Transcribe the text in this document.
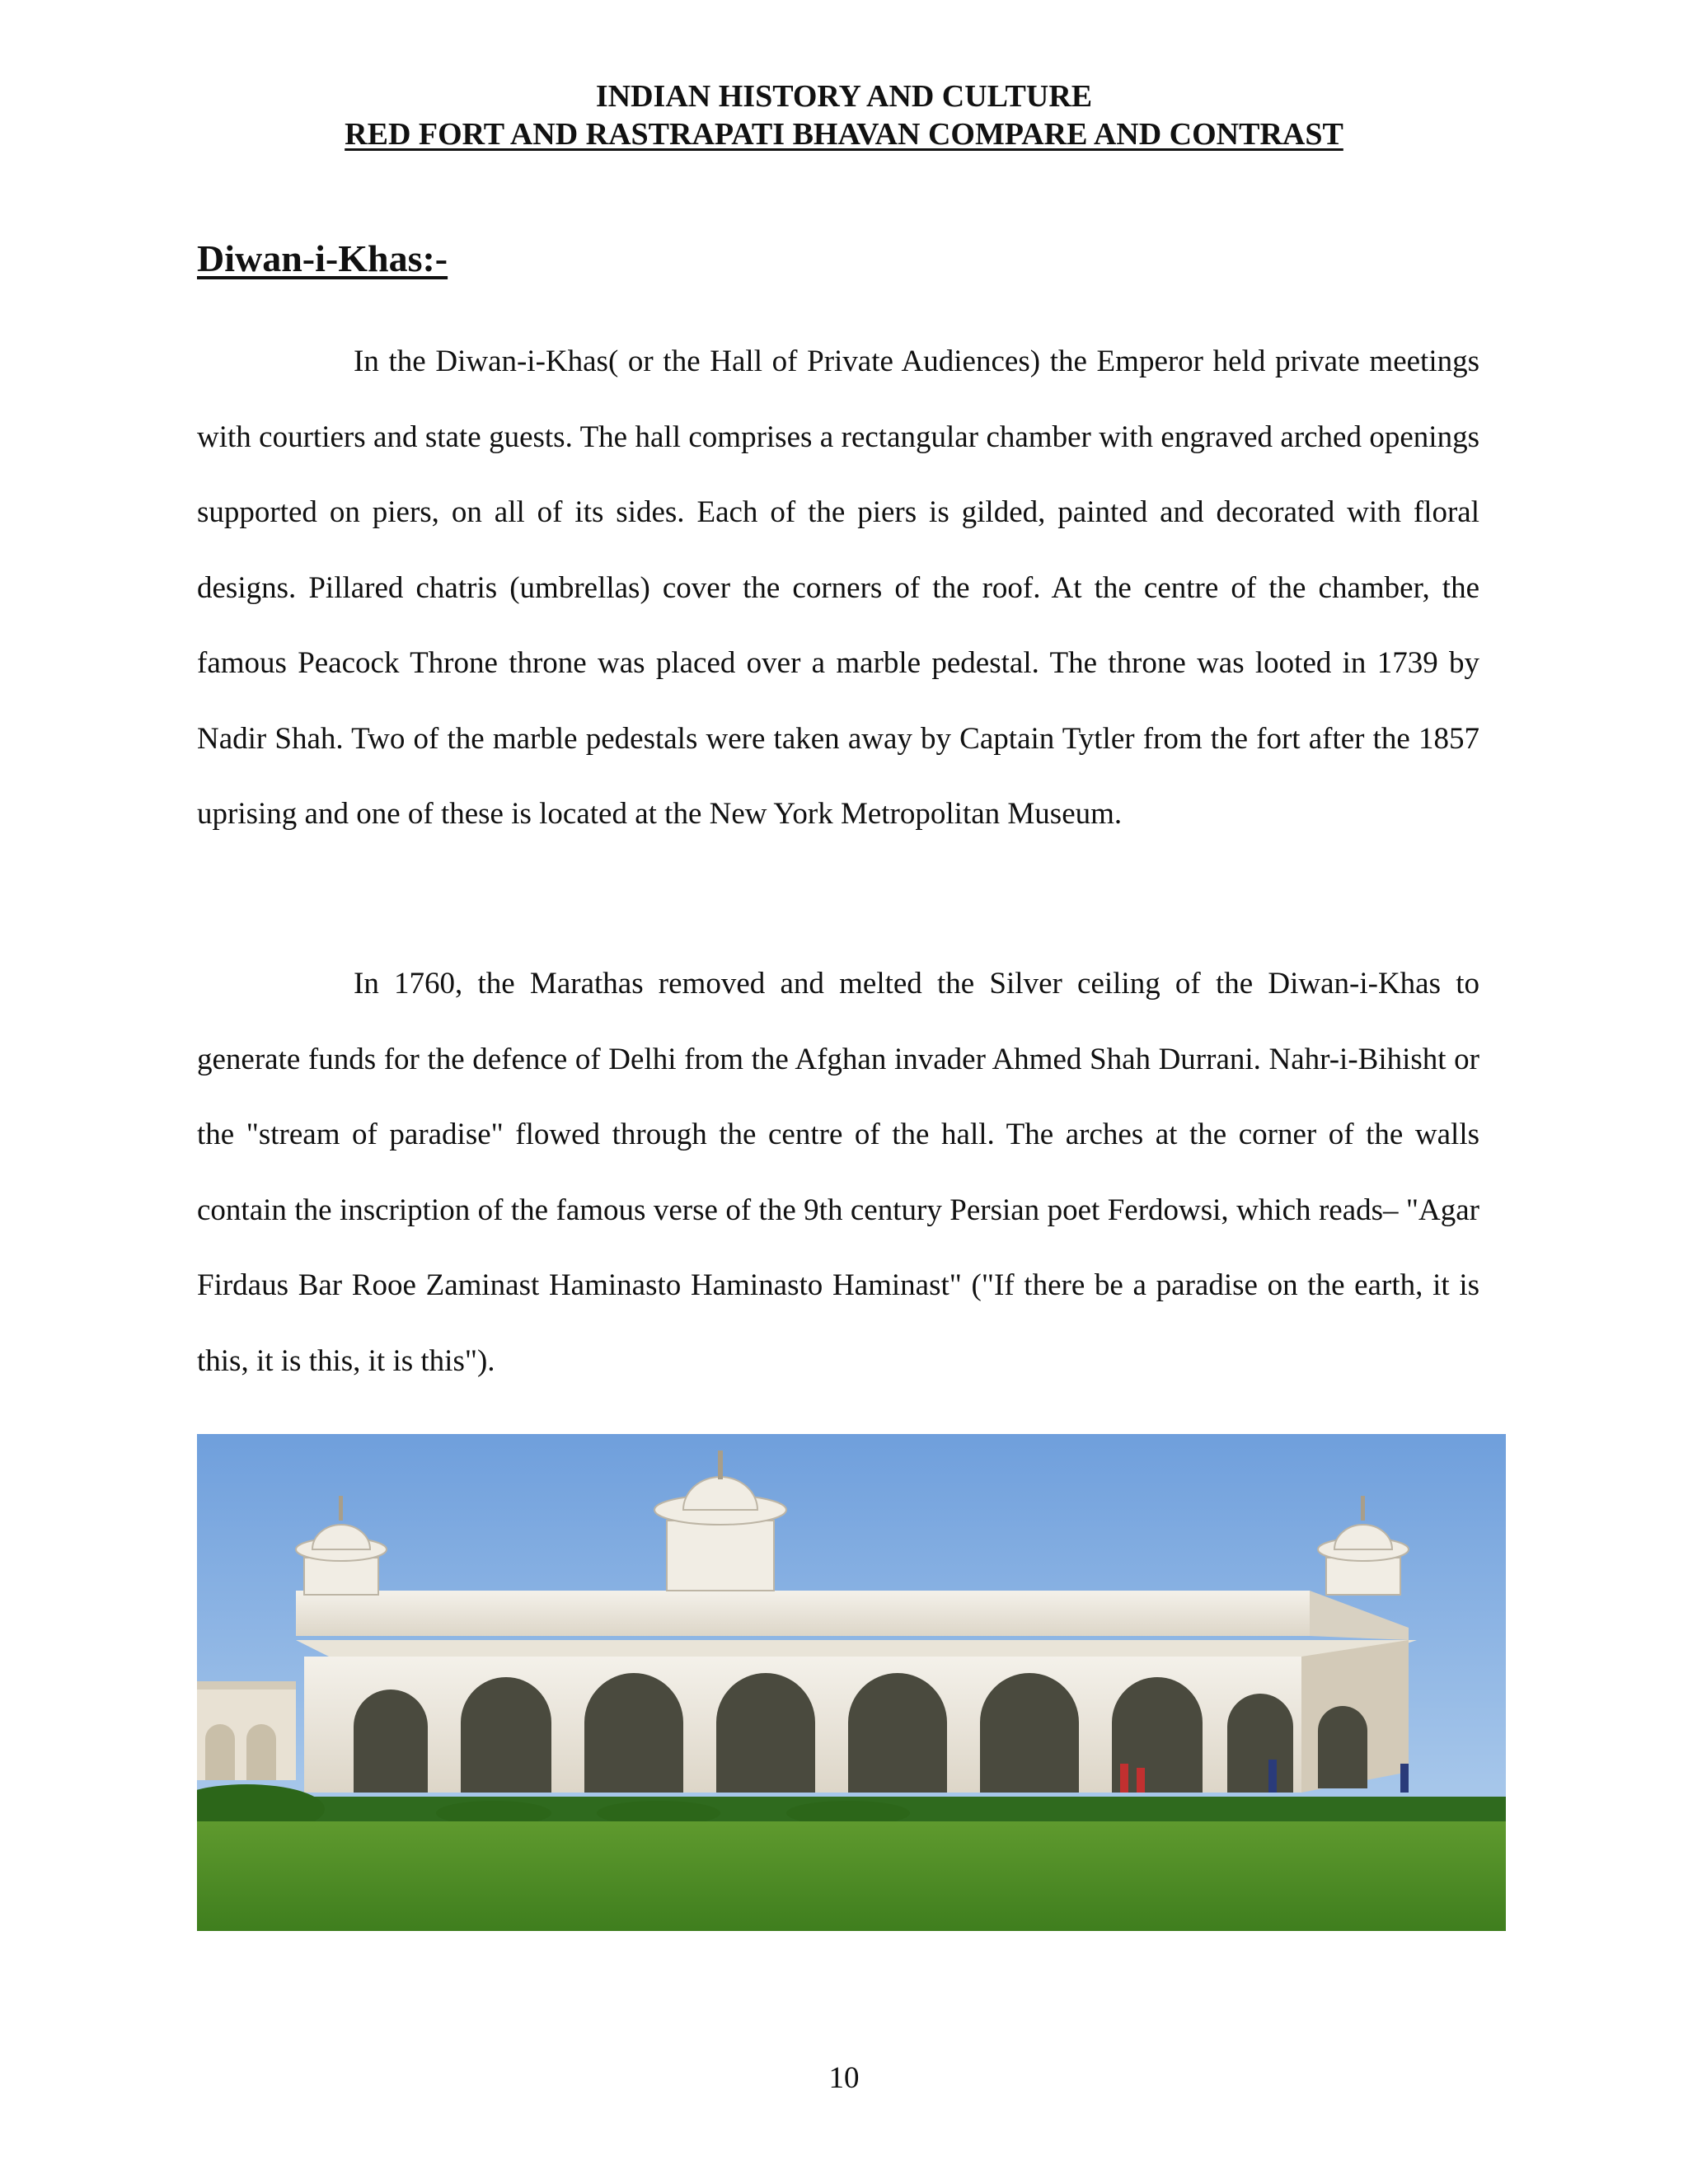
INDIAN HISTORY AND CULTURE
RED FORT AND RASTRAPATI BHAVAN COMPARE AND CONTRAST
Diwan-i-Khas:-

In the Diwan-i-Khas( or the Hall of Private Audiences) the Emperor held private meetings with courtiers and state guests. The hall comprises a rectangular chamber with engraved arched openings supported on piers, on all of its sides. Each of the piers is gilded, painted and decorated with floral designs. Pillared chatris (umbrellas) cover the corners of the roof. At the centre of the chamber, the famous Peacock Throne throne was placed over a marble pedestal. The throne was looted in 1739 by Nadir Shah. Two of the marble pedestals were taken away by Captain Tytler from the fort after the 1857 uprising and one of these is located at the New York Metropolitan Museum.

In 1760, the Marathas removed and melted the Silver ceiling of the Diwan-i-Khas to generate funds for the defence of Delhi from the Afghan invader Ahmed Shah Durrani. Nahr-i-Bihisht or the "stream of paradise" flowed through the centre of the hall. The arches at the corner of the walls contain the inscription of the famous verse of the 9th century Persian poet Ferdowsi, which reads– "Agar Firdaus Bar Rooe Zaminast Haminasto Haminasto Haminast" ("If there be a paradise on the earth, it is this, it is this, it is this").

10
